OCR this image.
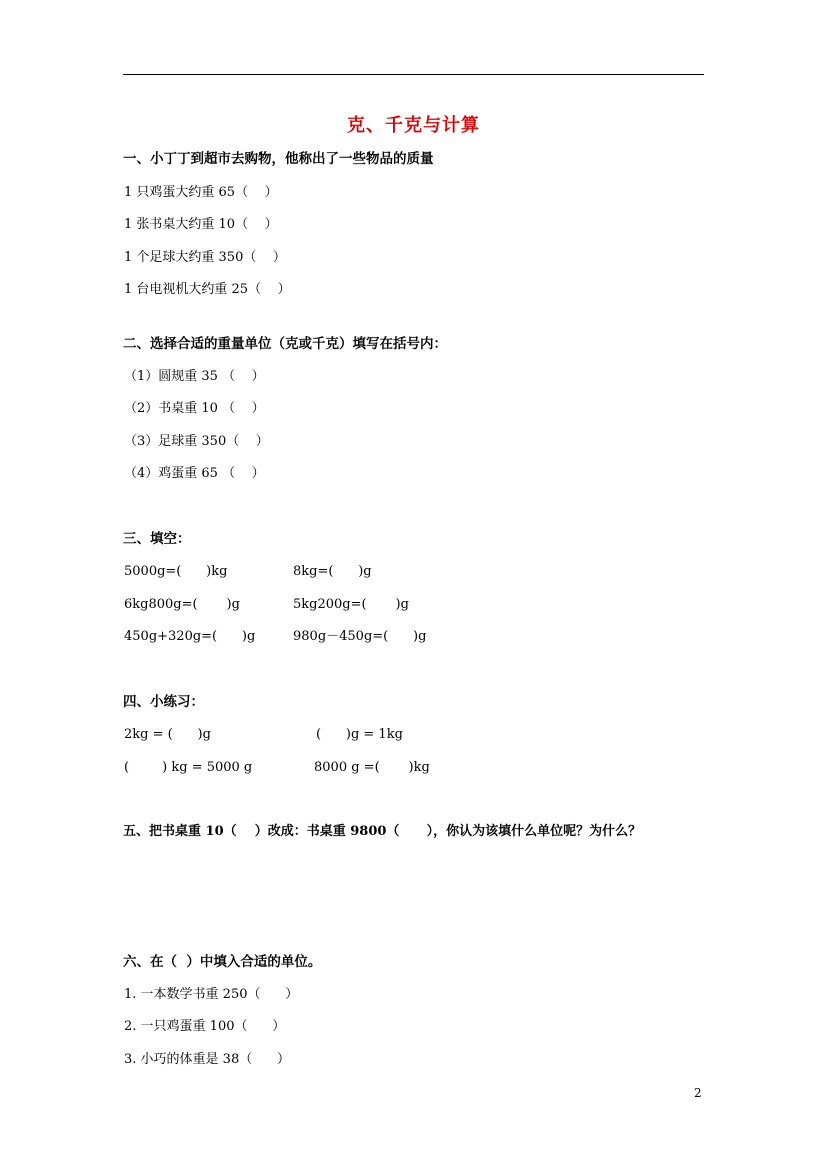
克、千克与计算
一、小丁丁到超市去购物，他称出了一些物品的质量
1 只鸡蛋大约重 65（    ）
1 张书桌大约重 10（    ）
1 个足球大约重 350（    ）
1 台电视机大约重 25（    ）
二、选择合适的重量单位（克或千克）填写在括号内：
（1）圆规重 35 （    ）
（2）书桌重 10 （    ）
（3）足球重 350（    ）
（4）鸡蛋重 65 （    ）
三、填空：
5000g=(      )kg	8kg=(      )g
6kg800g=(       )g	5kg200g=(       )g
450g+320g=(      )g	980g－450g=(      )g
四、小练习：
2kg = (      )g	(      )g = 1kg
(        ) kg = 5000 g	8000 g =(       )kg
五、把书桌重 10（    ）改成：书桌重 9800（      ），你认为该填什么单位呢？为什么？
六、在（  ）中填入合适的单位。
1. 一本数学书重 250（      ）
2. 一只鸡蛋重 100（      ）
3. 小巧的体重是 38（      ）
2
